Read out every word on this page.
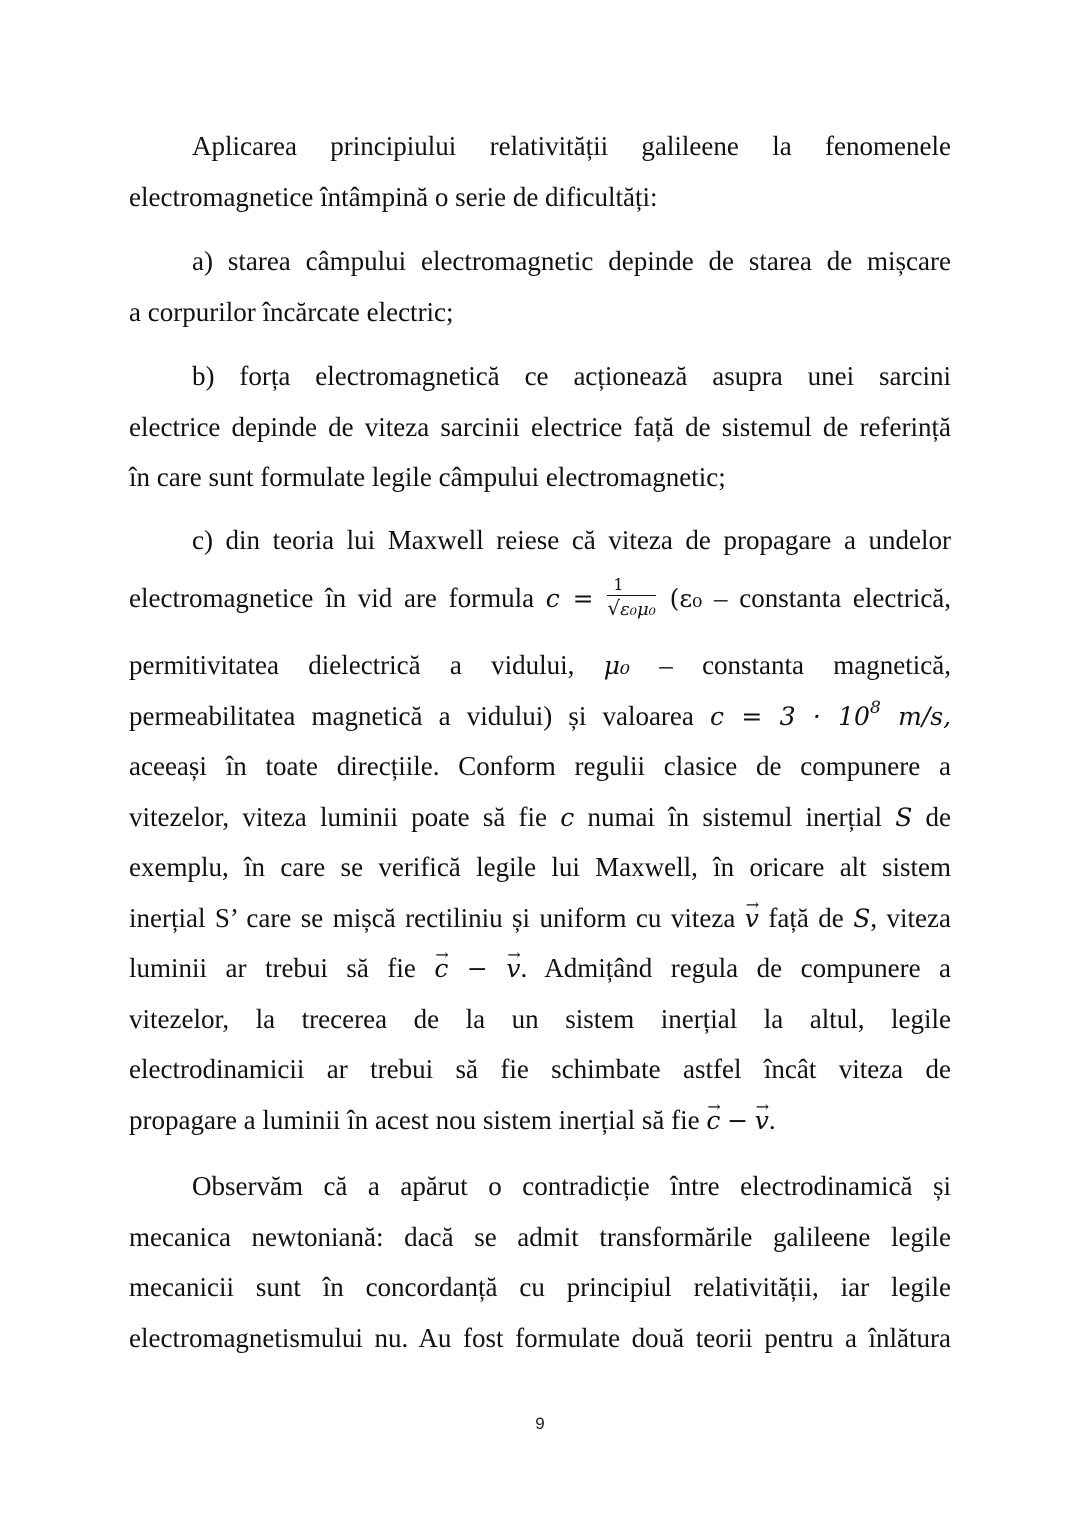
Aplicarea principiului relativității galileene la fenomenele
electromagnetice întâmpină o serie de dificultăți:
a) starea câmpului electromagnetic depinde de starea de mișcare
a corpurilor încărcate electric;
b) forța electromagnetică ce acționează asupra unei sarcini
electrice depinde de viteza sarcinii electrice față de sistemul de referință
în care sunt formulate legile câmpului electromagnetic;
c) din teoria lui Maxwell reiese că viteza de propagare a undelor
electromagnetice în vid are formula $c = \frac{1}{\text{√ε₀μ₀}} (\varepsilon_0$ – constanta electrică,
permitivitatea dielectrică a vidului, μ₀ – constanta magnetică,
permeabilitatea magnetică a vidului) și valoarea $c = 3 \cdot 10^8$ m/s,
aceeași în toate direcțiile. Conform regulii clasice de compunere a
vitezelor, viteza luminii poate să fie c numai în sistemul inerțial S de
exemplu, în care se verifică legile lui Maxwell, în oricare alt sistem
inerțial S’ care se mișcă rectiliniu și uniform cu viteza → v față de S, viteza
luminii ar trebui să fie → c − → v. Admițând regula de compunere a
vitezelor, la trecerea de la un sistem inerțial la altul, legile
electrodinamicii ar trebui să fie schimbate astfel încât viteza de
propagare a luminii în acest nou sistem inerțial să fie → c − → v.
Observăm că a apărut o contradicție între electrodinamică și
mecanica newtoniană: dacă se admit transformările galileene legile
mecanicii sunt în concordanță cu principiul relativității, iar legile
electromagnetismului nu. Au fost formulate două teorii pentru a înlătura
9
